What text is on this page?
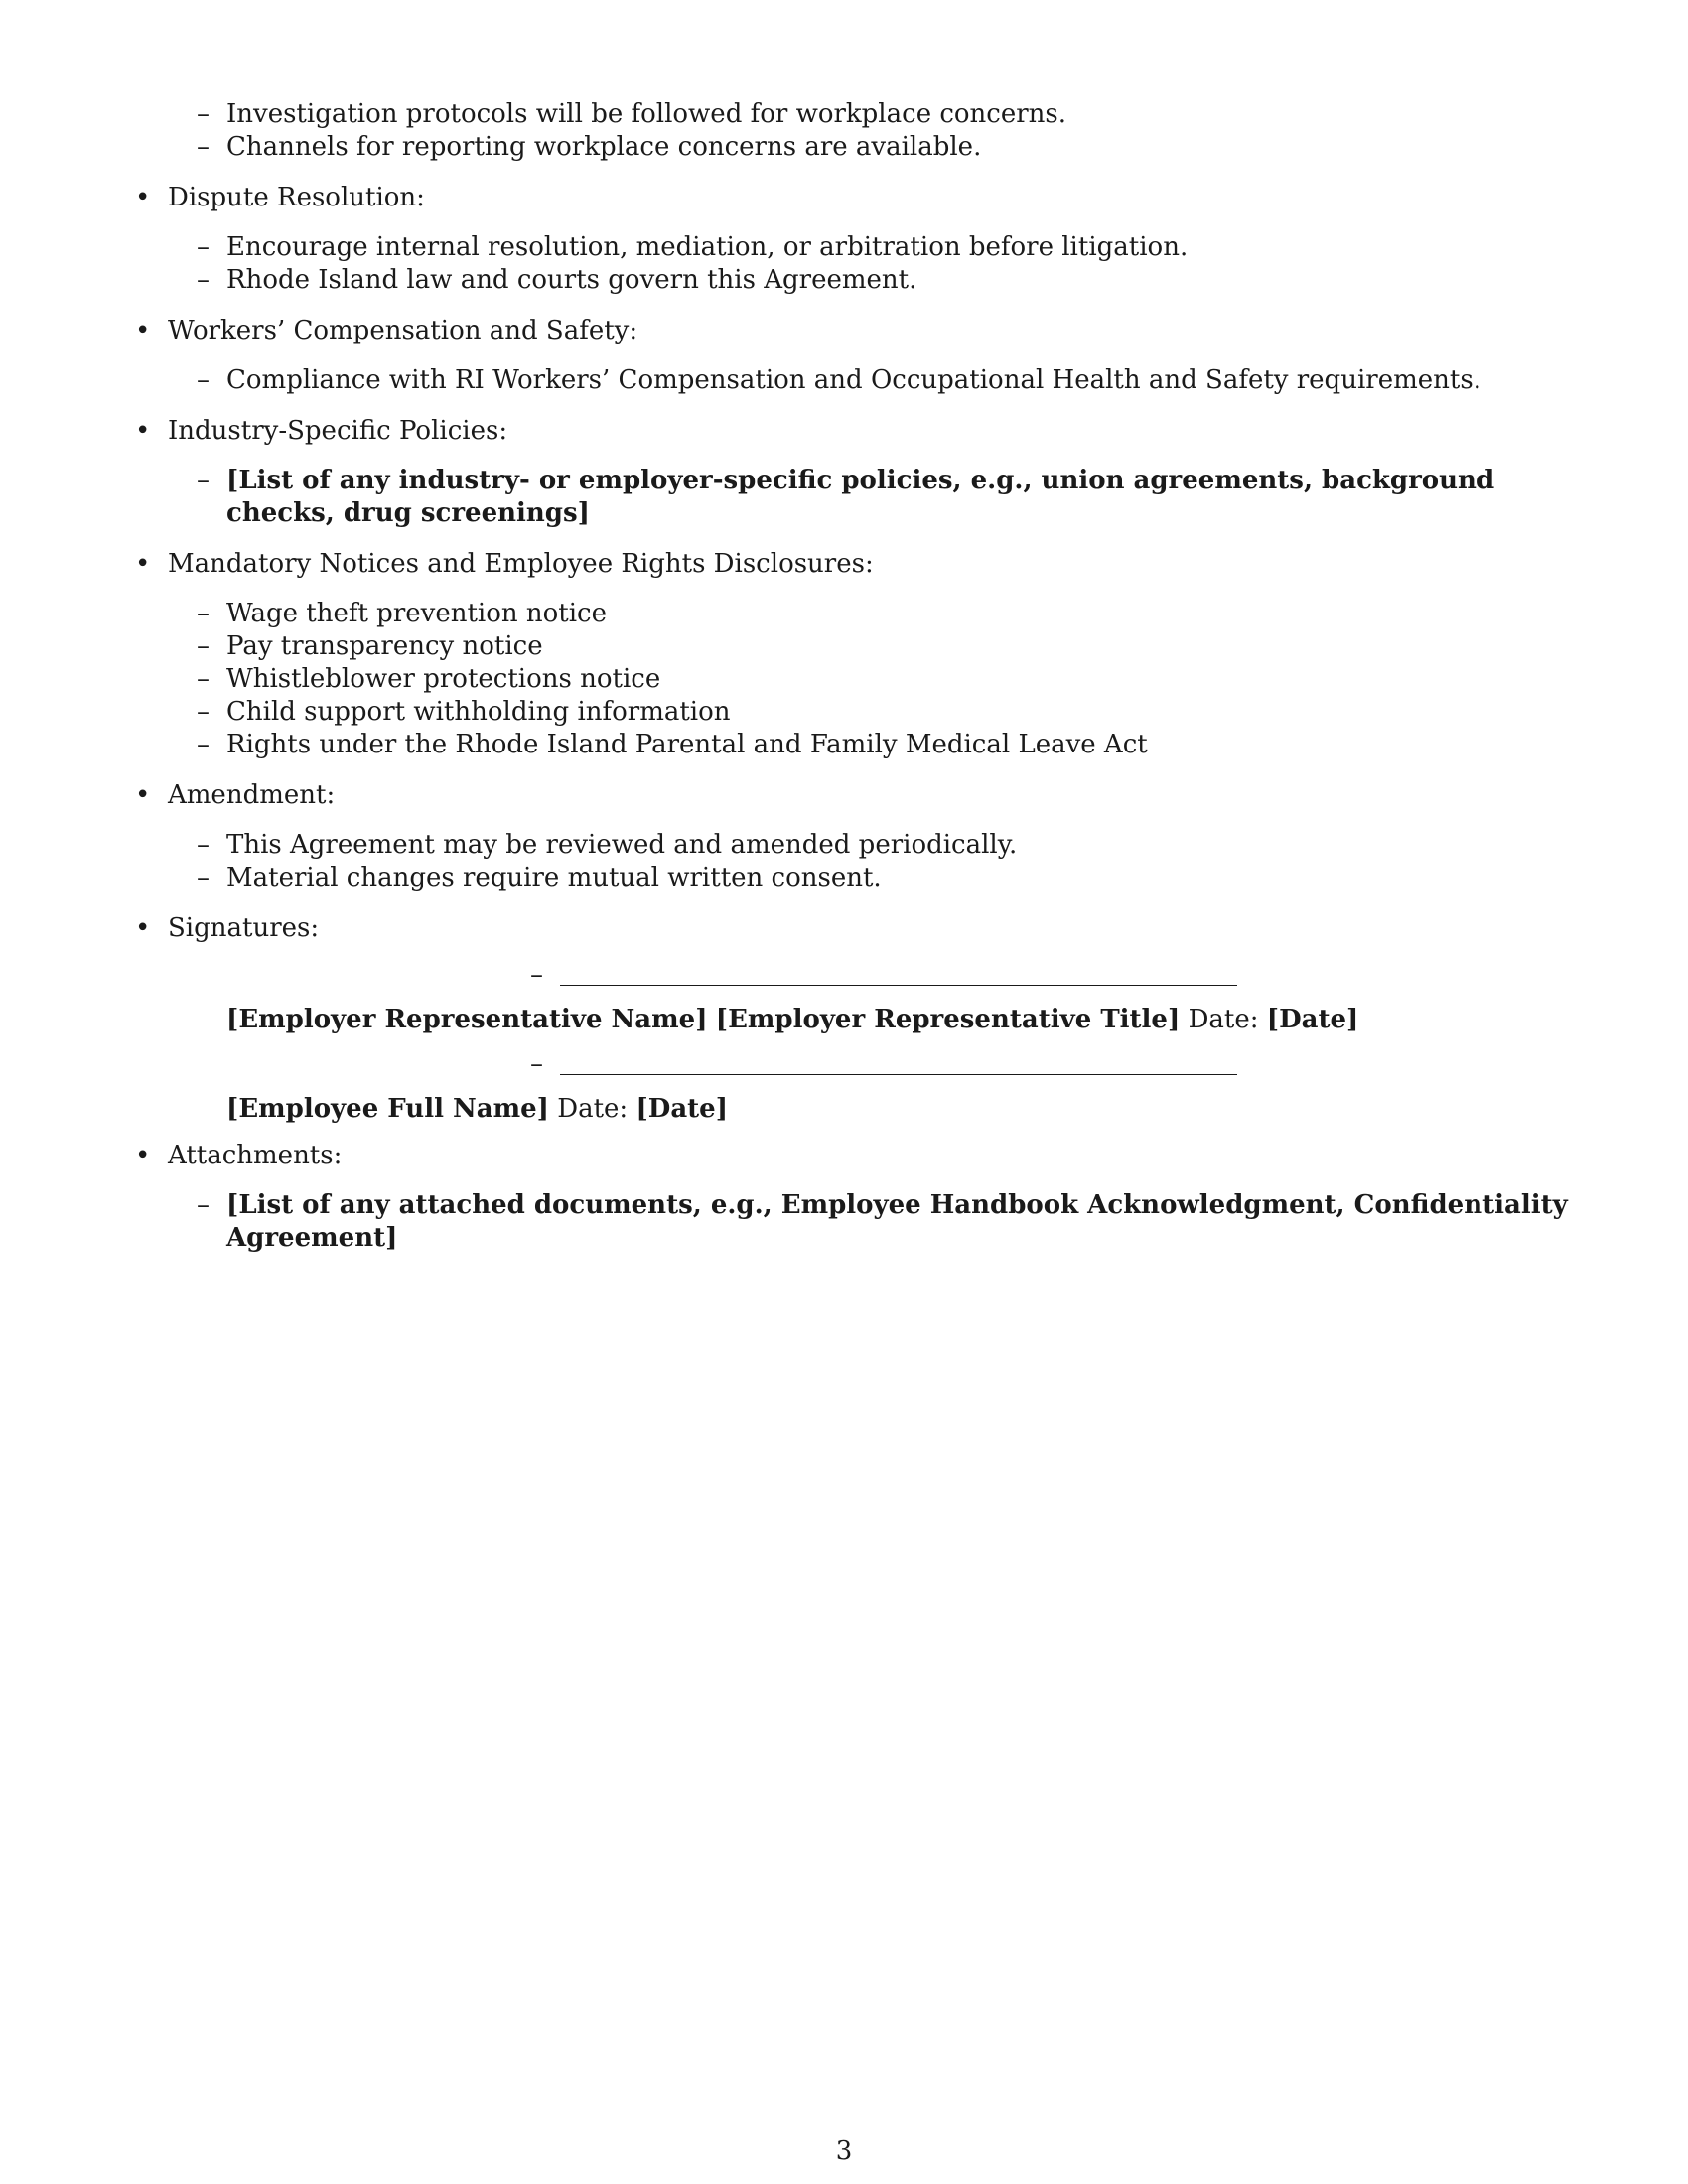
– Investigation protocols will be followed for workplace concerns.
– Channels for reporting workplace concerns are available.
• Dispute Resolution:
– Encourage internal resolution, mediation, or arbitration before litigation.
– Rhode Island law and courts govern this Agreement.
• Workers’ Compensation and Safety:
– Compliance with RI Workers’ Compensation and Occupational Health and Safety requirements.
• Industry-Specific Policies:
– [List of any industry- or employer-specific policies, e.g., union agreements, background checks, drug screenings]
• Mandatory Notices and Employee Rights Disclosures:
– Wage theft prevention notice
– Pay transparency notice
– Whistleblower protections notice
– Child support withholding information
– Rights under the Rhode Island Parental and Family Medical Leave Act
• Amendment:
– This Agreement may be reviewed and amended periodically.
– Material changes require mutual written consent.
• Signatures:
–
[Employer Representative Name] [Employer Representative Title] Date: [Date]
–
[Employee Full Name] Date: [Date]
• Attachments:
– [List of any attached documents, e.g., Employee Handbook Acknowledgment, Confidentiality Agreement]
3
